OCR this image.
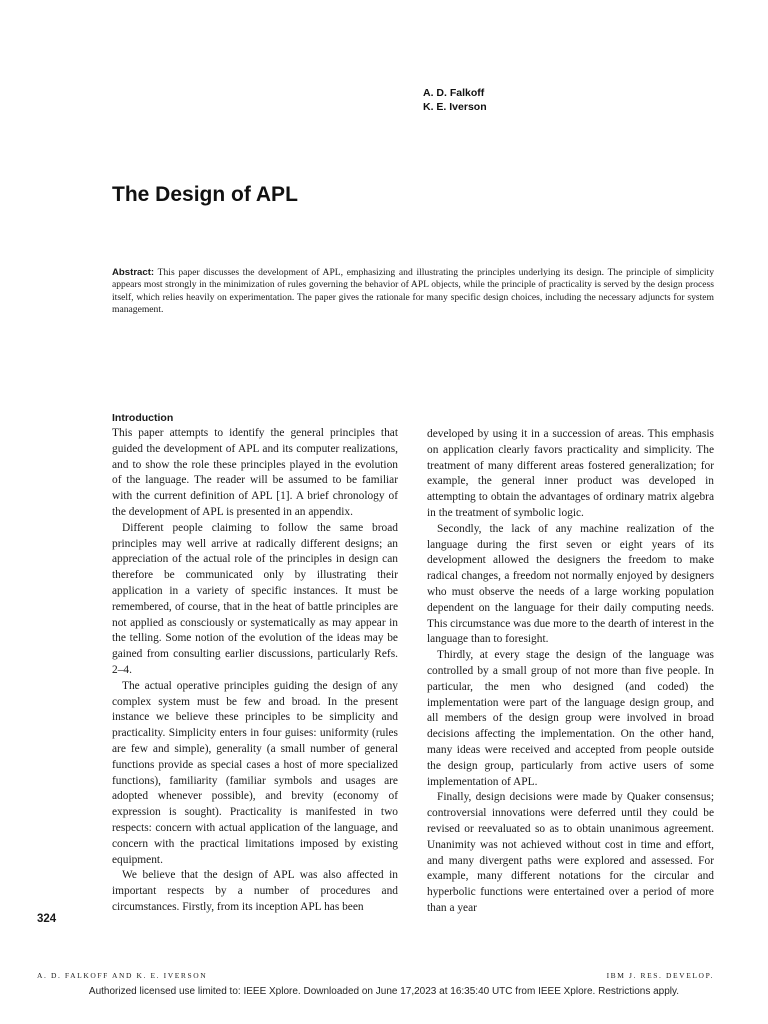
A. D. Falkoff
K. E. Iverson
The Design of APL

Abstract: This paper discusses the development of APL, emphasizing and illustrating the principles underlying its design. The principle of simplicity appears most strongly in the minimization of rules governing the behavior of APL objects, while the principle of practicality is served by the design process itself, which relies heavily on experimentation. The paper gives the rationale for many specific design choices, including the necessary adjuncts for system management.

Introduction

This paper attempts to identify the general principles that guided the development of APL and its computer realizations, and to show the role these principles played in the evolution of the language. The reader will be assumed to be familiar with the current definition of APL [1]. A brief chronology of the development of APL is presented in an appendix.

Different people claiming to follow the same broad principles may well arrive at radically different designs; an appreciation of the actual role of the principles in design can therefore be communicated only by illustrating their application in a variety of specific instances. It must be remembered, of course, that in the heat of battle principles are not applied as consciously or systematically as may appear in the telling. Some notion of the evolution of the ideas may be gained from consulting earlier discussions, particularly Refs. 2–4.

The actual operative principles guiding the design of any complex system must be few and broad. In the present instance we believe these principles to be simplicity and practicality. Simplicity enters in four guises: uniformity (rules are few and simple), generality (a small number of general functions provide as special cases a host of more specialized functions), familiarity (familiar symbols and usages are adopted whenever possible), and brevity (economy of expression is sought). Practicality is manifested in two respects: concern with actual application of the language, and concern with the practical limitations imposed by existing equipment.

We believe that the design of APL was also affected in important respects by a number of procedures and circumstances. Firstly, from its inception APL has been

developed by using it in a succession of areas. This emphasis on application clearly favors practicality and simplicity. The treatment of many different areas fostered generalization; for example, the general inner product was developed in attempting to obtain the advantages of ordinary matrix algebra in the treatment of symbolic logic.

Secondly, the lack of any machine realization of the language during the first seven or eight years of its development allowed the designers the freedom to make radical changes, a freedom not normally enjoyed by designers who must observe the needs of a large working population dependent on the language for their daily computing needs. This circumstance was due more to the dearth of interest in the language than to foresight.

Thirdly, at every stage the design of the language was controlled by a small group of not more than five people. In particular, the men who designed (and coded) the implementation were part of the language design group, and all members of the design group were involved in broad decisions affecting the implementation. On the other hand, many ideas were received and accepted from people outside the design group, particularly from active users of some implementation of APL.

Finally, design decisions were made by Quaker consensus; controversial innovations were deferred until they could be revised or reevaluated so as to obtain unanimous agreement. Unanimity was not achieved without cost in time and effort, and many divergent paths were explored and assessed. For example, many different notations for the circular and hyperbolic functions were entertained over a period of more than a year

324
A. D. FALKOFF AND K. E. IVERSON	IBM J. RES. DEVELOP.
Authorized licensed use limited to: IEEE Xplore. Downloaded on June 17,2023 at 16:35:40 UTC from IEEE Xplore. Restrictions apply.
